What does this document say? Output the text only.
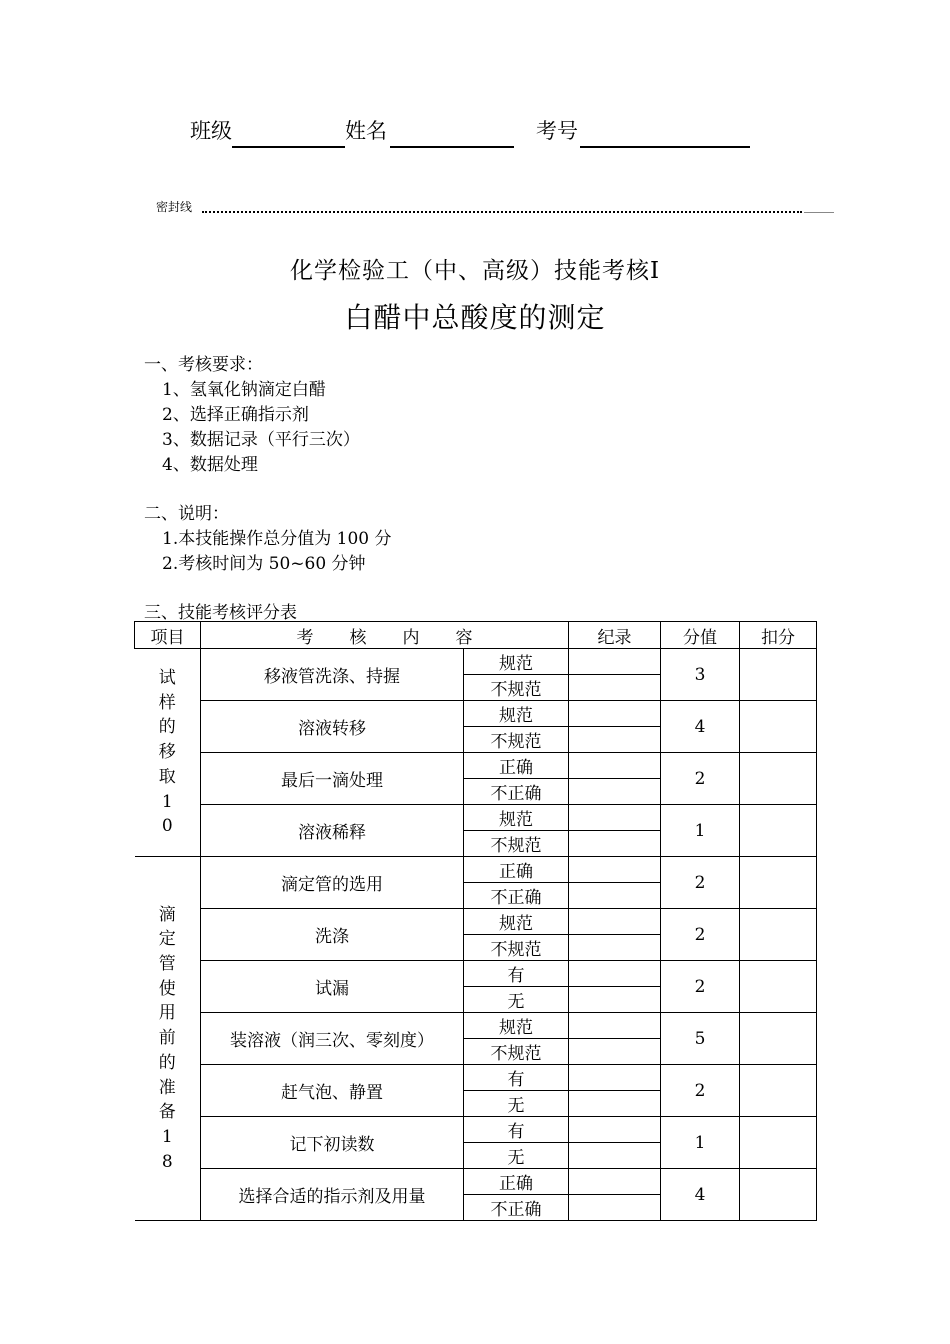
班级	姓名	考号
密封线
化学检验工（中、高级）技能考核Ⅰ
白醋中总酸度的测定
一、考核要求：
1、氢氧化钠滴定白醋
2、选择正确指示剂
3、数据记录（平行三次）
4、数据处理
二、说明：
1.本技能操作总分值为 100 分
2.考核时间为 50~60 分钟
三、技能考核评分表
项目	考 核 内 容		纪录	分值	扣分

试样的移取10	移液管洗涤、持握	规范		3	
		不规范			
	溶液转移	规范		4	
		不规范			
	最后一滴处理	正确		2	
		不正确			
	溶液稀释	规范		1	
		不规范			

滴定管使用前的准备18	滴定管的选用	正确		2	
		不正确			
	洗涤	规范		2	
		不规范			
	试漏	有		2	
		无			
	装溶液（润三次、零刻度）	规范		5	
		不规范			
	赶气泡、静置	有		2	
		无			
	记下初读数	有		1	
		无			
	选择合适的指示剂及用量	正确		4	
		不正确			
